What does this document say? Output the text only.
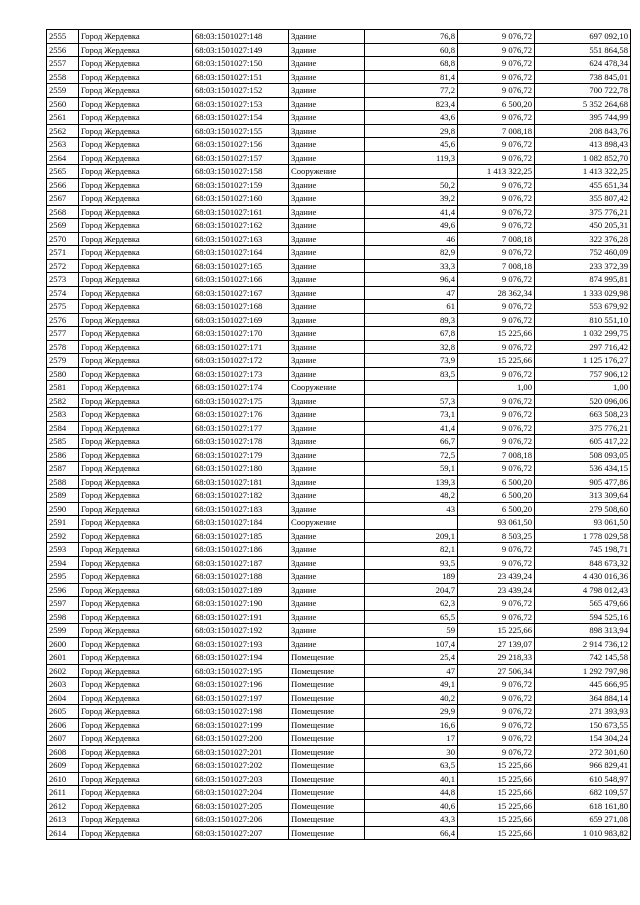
2555	Город Жердевка	68:03:1501027:148	Здание	76,8	9 076,72	697 092,10
2556	Город Жердевка	68:03:1501027:149	Здание	60,8	9 076,72	551 864,58
2557	Город Жердевка	68:03:1501027:150	Здание	68,8	9 076,72	624 478,34
2558	Город Жердевка	68:03:1501027:151	Здание	81,4	9 076,72	738 845,01
2559	Город Жердевка	68:03:1501027:152	Здание	77,2	9 076,72	700 722,78
2560	Город Жердевка	68:03:1501027:153	Здание	823,4	6 500,20	5 352 264,68
2561	Город Жердевка	68:03:1501027:154	Здание	43,6	9 076,72	395 744,99
2562	Город Жердевка	68:03:1501027:155	Здание	29,8	7 008,18	208 843,76
2563	Город Жердевка	68:03:1501027:156	Здание	45,6	9 076,72	413 898,43
2564	Город Жердевка	68:03:1501027:157	Здание	119,3	9 076,72	1 082 852,70
2565	Город Жердевка	68:03:1501027:158	Сооружение		1 413 322,25	1 413 322,25
2566	Город Жердевка	68:03:1501027:159	Здание	50,2	9 076,72	455 651,34
2567	Город Жердевка	68:03:1501027:160	Здание	39,2	9 076,72	355 807,42
2568	Город Жердевка	68:03:1501027:161	Здание	41,4	9 076,72	375 776,21
2569	Город Жердевка	68:03:1501027:162	Здание	49,6	9 076,72	450 205,31
2570	Город Жердевка	68:03:1501027:163	Здание	46	7 008,18	322 376,28
2571	Город Жердевка	68:03:1501027:164	Здание	82,9	9 076,72	752 460,09
2572	Город Жердевка	68:03:1501027:165	Здание	33,3	7 008,18	233 372,39
2573	Город Жердевка	68:03:1501027:166	Здание	96,4	9 076,72	874 995,81
2574	Город Жердевка	68:03:1501027:167	Здание	47	28 362,34	1 333 029,98
2575	Город Жердевка	68:03:1501027:168	Здание	61	9 076,72	553 679,92
2576	Город Жердевка	68:03:1501027:169	Здание	89,3	9 076,72	810 551,10
2577	Город Жердевка	68:03:1501027:170	Здание	67,8	15 225,66	1 032 299,75
2578	Город Жердевка	68:03:1501027:171	Здание	32,8	9 076,72	297 716,42
2579	Город Жердевка	68:03:1501027:172	Здание	73,9	15 225,66	1 125 176,27
2580	Город Жердевка	68:03:1501027:173	Здание	83,5	9 076,72	757 906,12
2581	Город Жердевка	68:03:1501027:174	Сооружение		1,00	1,00
2582	Город Жердевка	68:03:1501027:175	Здание	57,3	9 076,72	520 096,06
2583	Город Жердевка	68:03:1501027:176	Здание	73,1	9 076,72	663 508,23
2584	Город Жердевка	68:03:1501027:177	Здание	41,4	9 076,72	375 776,21
2585	Город Жердевка	68:03:1501027:178	Здание	66,7	9 076,72	605 417,22
2586	Город Жердевка	68:03:1501027:179	Здание	72,5	7 008,18	508 093,05
2587	Город Жердевка	68:03:1501027:180	Здание	59,1	9 076,72	536 434,15
2588	Город Жердевка	68:03:1501027:181	Здание	139,3	6 500,20	905 477,86
2589	Город Жердевка	68:03:1501027:182	Здание	48,2	6 500,20	313 309,64
2590	Город Жердевка	68:03:1501027:183	Здание	43	6 500,20	279 508,60
2591	Город Жердевка	68:03:1501027:184	Сооружение		93 061,50	93 061,50
2592	Город Жердевка	68:03:1501027:185	Здание	209,1	8 503,25	1 778 029,58
2593	Город Жердевка	68:03:1501027:186	Здание	82,1	9 076,72	745 198,71
2594	Город Жердевка	68:03:1501027:187	Здание	93,5	9 076,72	848 673,32
2595	Город Жердевка	68:03:1501027:188	Здание	189	23 439,24	4 430 016,36
2596	Город Жердевка	68:03:1501027:189	Здание	204,7	23 439,24	4 798 012,43
2597	Город Жердевка	68:03:1501027:190	Здание	62,3	9 076,72	565 479,66
2598	Город Жердевка	68:03:1501027:191	Здание	65,5	9 076,72	594 525,16
2599	Город Жердевка	68:03:1501027:192	Здание	59	15 225,66	898 313,94
2600	Город Жердевка	68:03:1501027:193	Здание	107,4	27 139,07	2 914 736,12
2601	Город Жердевка	68:03:1501027:194	Помещение	25,4	29 218,33	742 145,58
2602	Город Жердевка	68:03:1501027:195	Помещение	47	27 506,34	1 292 797,98
2603	Город Жердевка	68:03:1501027:196	Помещение	49,1	9 076,72	445 666,95
2604	Город Жердевка	68:03:1501027:197	Помещение	40,2	9 076,72	364 884,14
2605	Город Жердевка	68:03:1501027:198	Помещение	29,9	9 076,72	271 393,93
2606	Город Жердевка	68:03:1501027:199	Помещение	16,6	9 076,72	150 673,55
2607	Город Жердевка	68:03:1501027:200	Помещение	17	9 076,72	154 304,24
2608	Город Жердевка	68:03:1501027:201	Помещение	30	9 076,72	272 301,60
2609	Город Жердевка	68:03:1501027:202	Помещение	63,5	15 225,66	966 829,41
2610	Город Жердевка	68:03:1501027:203	Помещение	40,1	15 225,66	610 548,97
2611	Город Жердевка	68:03:1501027:204	Помещение	44,8	15 225,66	682 109,57
2612	Город Жердевка	68:03:1501027:205	Помещение	40,6	15 225,66	618 161,80
2613	Город Жердевка	68:03:1501027:206	Помещение	43,3	15 225,66	659 271,08
2614	Город Жердевка	68:03:1501027:207	Помещение	66,4	15 225,66	1 010 983,82
